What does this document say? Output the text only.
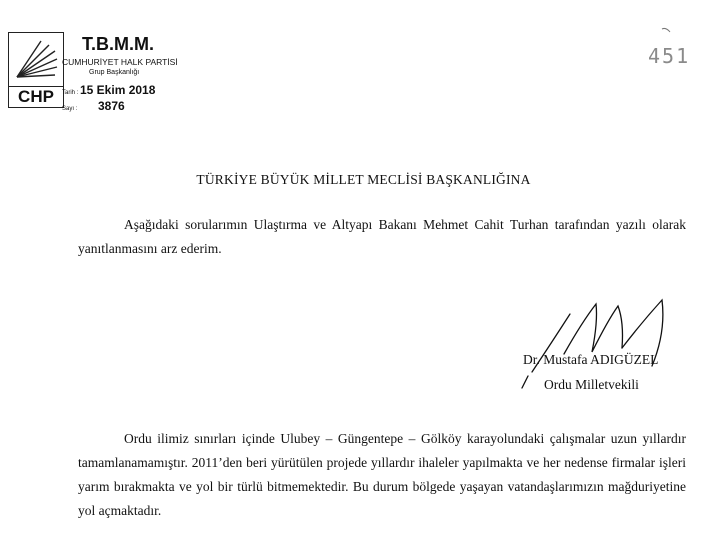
CHP
T.B.M.M.
CUMHURİYET HALK PARTİSİ
Grup Başkanlığı
Tarih : 15 Ekim 2018
Sayı : 3876
451
TÜRKİYE BÜYÜK MİLLET MECLİSİ BAŞKANLIĞINA

Aşağıdaki sorularımın Ulaştırma ve Altyapı Bakanı Mehmet Cahit Turhan tarafından yazılı olarak yanıtlanmasını arz ederim.

Dr. Mustafa ADIGÜZEL
Ordu Milletvekili

Ordu ilimiz sınırları içinde Ulubey – Güngentepe – Gölköy karayolundaki çalışmalar uzun yıllardır tamamlanamamıştır. 2011’den beri yürütülen projede yıllardır ihaleler yapılmakta ve her nedense firmalar işleri yarım bırakmakta ve yol bir türlü bitmemektedir. Bu durum bölgede yaşayan vatandaşlarımızın mağduriyetine yol açmaktadır.
